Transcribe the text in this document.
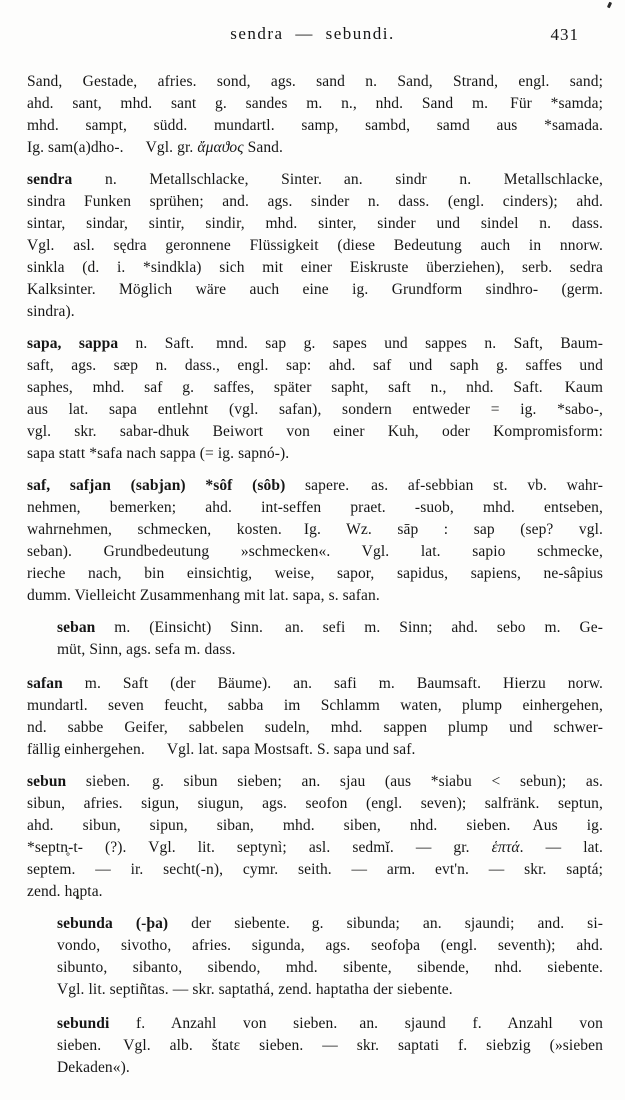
sendra — sebundi.	431
Sand, Gestade, afries. sond, ags. sand n. Sand, Strand, engl. sand;
ahd. sant, mhd. sant g. sandes m. n., nhd. Sand m. Für *samda;
mhd. sampt, südd. mundartl. samp, sambd, samd aus *samada.
Ig. sam(a)dho-. Vgl. gr. ἄμαϑος Sand.
sendra n. Metallschlacke, Sinter. an. sindr n. Metallschlacke,
sindra Funken sprühen; and. ags. sinder n. dass. (engl. cinders); ahd.
sintar, sindar, sintir, sindir, mhd. sinter, sinder und sindel n. dass.
Vgl. asl. sędra geronnene Flüssigkeit (diese Bedeutung auch in nnorw.
sinkla (d. i. *sindkla) sich mit einer Eiskruste überziehen), serb. sedra
Kalksinter. Möglich wäre auch eine ig. Grundform sindhro- (germ.
sindra).
sapa, sappa n. Saft. mnd. sap g. sapes und sappes n. Saft, Baum-
saft, ags. sæp n. dass., engl. sap: ahd. saf und saph g. saffes und
saphes, mhd. saf g. saffes, später sapht, saft n., nhd. Saft. Kaum
aus lat. sapa entlehnt (vgl. safan), sondern entweder = ig. *sabo-,
vgl. skr. sabar-dhuk Beiwort von einer Kuh, oder Kompromisform:
sapa statt *safa nach sappa (= ig. sapnó-).
saf, safjan (sabjan) *sôf (sôb) sapere. as. af-sebbian st. vb. wahr-
nehmen, bemerken; ahd. int-seffen praet. -suob, mhd. entseben,
wahrnehmen, schmecken, kosten. Ig. Wz. sāp : sap (sep? vgl.
seban). Grundbedeutung »schmecken«. Vgl. lat. sapio schmecke,
rieche nach, bin einsichtig, weise, sapor, sapidus, sapiens, ne-sâpius
dumm. Vielleicht Zusammenhang mit lat. sapa, s. safan.
seban m. (Einsicht) Sinn. an. sefi m. Sinn; ahd. sebo m. Ge-
müt, Sinn, ags. sefa m. dass.
safan m. Saft (der Bäume). an. safi m. Baumsaft. Hierzu norw.
mundartl. seven feucht, sabba im Schlamm waten, plump einhergehen,
nd. sabbe Geifer, sabbelen sudeln, mhd. sappen plump und schwer-
fällig einhergehen. Vgl. lat. sapa Mostsaft. S. sapa und saf.
sebun sieben. g. sibun sieben; an. sjau (aus *siabu < sebun); as.
sibun, afries. sigun, siugun, ags. seofon (engl. seven); salfränk. septun,
ahd. sibun, sipun, siban, mhd. siben, nhd. sieben. Aus ig.
*septn̥-t- (?). Vgl. lit. septynì; asl. sedmĭ. — gr. ἑπτά. — lat.
septem. — ir. secht(-n), cymr. seith. — arm. evt'n. — skr. saptá;
zend. hapta.
sebunda (-þa) der siebente. g. sibunda; an. sjaundi; and. si-
vondo, sivotho, afries. sigunda, ags. seofoþa (engl. seventh); ahd.
sibunto, sibanto, sibendo, mhd. sibente, sibende, nhd. siebente.
Vgl. lit. septiñtas. — skr. saptathá, zend. haptatha der siebente.
sebundi f. Anzahl von sieben. an. sjaund f. Anzahl von
sieben. Vgl. alb. štatε sieben. — skr. saptati f. siebzig (»sieben
Dekaden«).
